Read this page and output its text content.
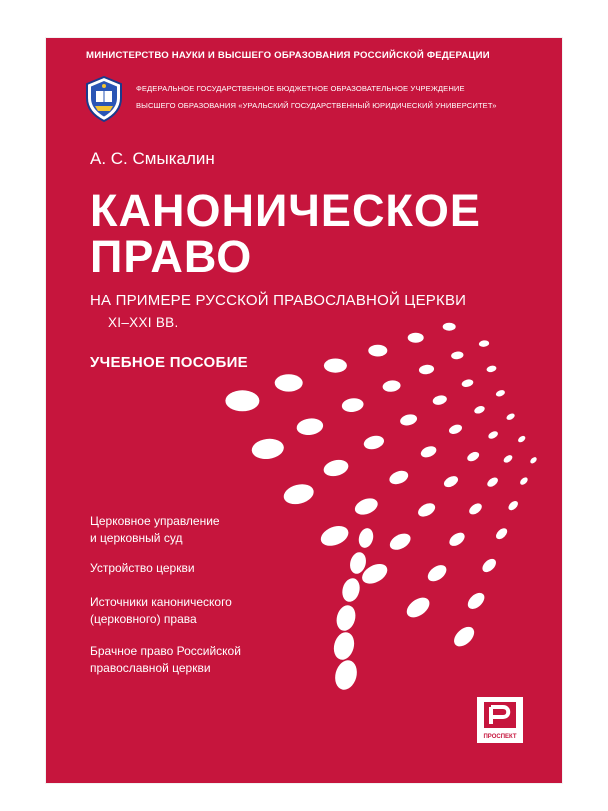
МИНИСТЕРСТВО НАУКИ И ВЫСШЕГО ОБРАЗОВАНИЯ РОССИЙСКОЙ ФЕДЕРАЦИИ
ФЕДЕРАЛЬНОЕ ГОСУДАРСТВЕННОЕ БЮДЖЕТНОЕ ОБРАЗОВАТЕЛЬНОЕ УЧРЕЖДЕНИЕ
ВЫСШЕГО ОБРАЗОВАНИЯ «УРАЛЬСКИЙ ГОСУДАРСТВЕННЫЙ ЮРИДИЧЕСКИЙ УНИВЕРСИТЕТ»
А. С. Смыкалин
КАНОНИЧЕСКОЕ
ПРАВО
НА ПРИМЕРЕ РУССКОЙ ПРАВОСЛАВНОЙ ЦЕРКВИ
XI–XXI ВВ.
УЧЕБНОЕ ПОСОБИЕ
Церковное управление
и церковный суд
Устройство церкви
Источники канонического
(церковного) права
Брачное право Российской
православной церкви
ПРОСПЕКТ
